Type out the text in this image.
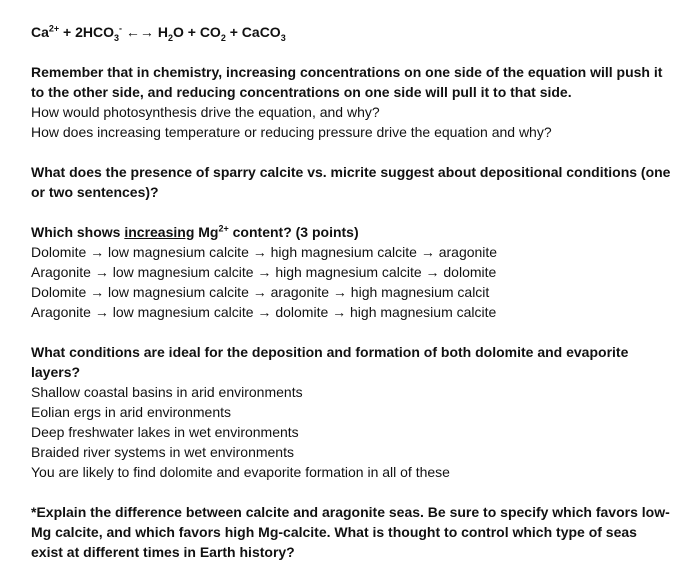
$Ca^{2+} + 2HCO_3^-$ ←→ $H_2O + CO_2$ + CaCO$_3$
Remember that in chemistry, increasing concentrations on one side of the equation will push it to the other side, and reducing concentrations on one side will pull it to that side.
How would photosynthesis drive the equation, and why?
How does increasing temperature or reducing pressure drive the equation and why?
What does the presence of sparry calcite vs. micrite suggest about depositional conditions (one or two sentences)?
Which shows increasing $Mg^{2+}$ content? (3 points)
Dolomite → low magnesium calcite → high magnesium calcite → aragonite
Aragonite → low magnesium calcite → high magnesium calcite → dolomite
Dolomite → low magnesium calcite → aragonite → high magnesium calcit
Aragonite → low magnesium calcite → dolomite → high magnesium calcite
What conditions are ideal for the deposition and formation of both dolomite and evaporite layers?
Shallow coastal basins in arid environments
Eolian ergs in arid environments
Deep freshwater lakes in wet environments
Braided river systems in wet environments
You are likely to find dolomite and evaporite formation in all of these
*Explain the difference between calcite and aragonite seas. Be sure to specify which favors low-Mg calcite, and which favors high Mg-calcite. What is thought to control which type of seas exist at different times in Earth history?
